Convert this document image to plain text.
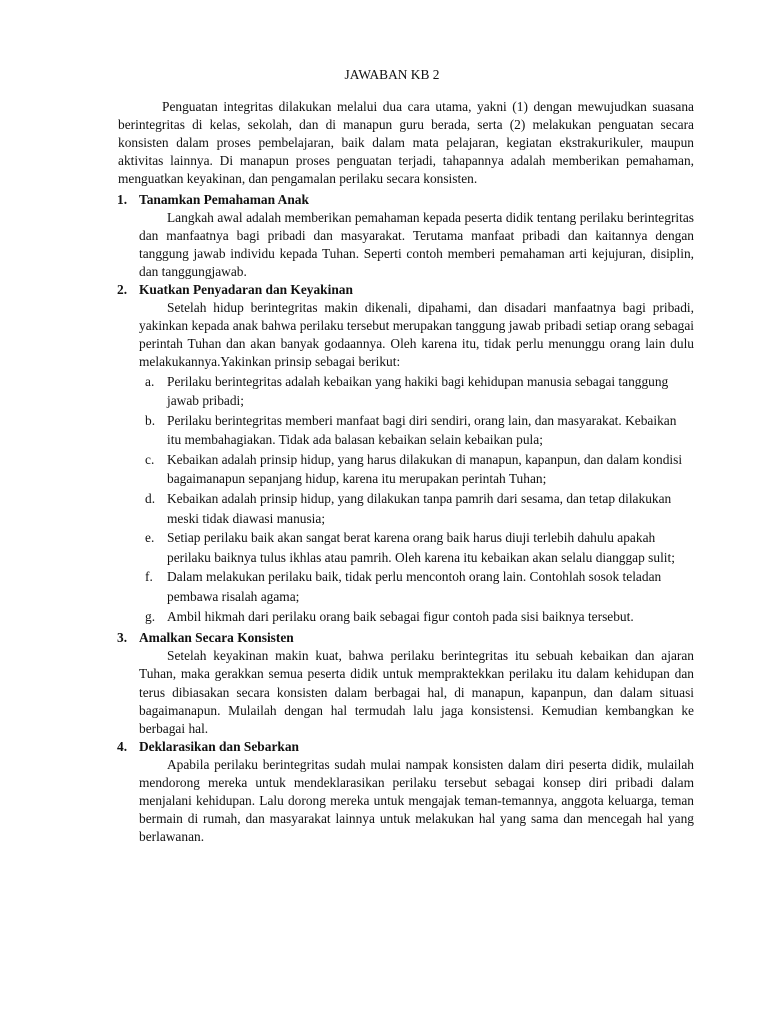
JAWABAN KB 2

Penguatan integritas dilakukan melalui dua cara utama, yakni (1) dengan mewujudkan suasana berintegritas di kelas, sekolah, dan di manapun guru berada, serta (2) melakukan penguatan secara konsisten dalam proses pembelajaran, baik dalam mata pelajaran, kegiatan ekstrakurikuler, maupun aktivitas lainnya. Di manapun proses penguatan terjadi, tahapannya adalah memberikan pemahaman, menguatkan keyakinan, dan pengamalan perilaku secara konsisten.

1. Tanamkan Pemahaman Anak

Langkah awal adalah memberikan pemahaman kepada peserta didik tentang perilaku berintegritas dan manfaatnya bagi pribadi dan masyarakat. Terutama manfaat pribadi dan kaitannya dengan tanggung jawab individu kepada Tuhan. Seperti contoh memberi pemahaman arti kejujuran, disiplin, dan tanggungjawab.

2. Kuatkan Penyadaran dan Keyakinan

Setelah hidup berintegritas makin dikenali, dipahami, dan disadari manfaatnya bagi pribadi, yakinkan kepada anak bahwa perilaku tersebut merupakan tanggung jawab pribadi setiap orang sebagai perintah Tuhan dan akan banyak godaannya. Oleh karena itu, tidak perlu menunggu orang lain dulu melakukannya.Yakinkan prinsip sebagai berikut:

a. Perilaku berintegritas adalah kebaikan yang hakiki bagi kehidupan manusia sebagai tanggung jawab pribadi;
b. Perilaku berintegritas memberi manfaat bagi diri sendiri, orang lain, dan masyarakat. Kebaikan itu membahagiakan. Tidak ada balasan kebaikan selain kebaikan pula;
c. Kebaikan adalah prinsip hidup, yang harus dilakukan di manapun, kapanpun, dan dalam kondisi bagaimanapun sepanjang hidup, karena itu merupakan perintah Tuhan;
d. Kebaikan adalah prinsip hidup, yang dilakukan tanpa pamrih dari sesama, dan tetap dilakukan meski tidak diawasi manusia;
e. Setiap perilaku baik akan sangat berat karena orang baik harus diuji terlebih dahulu apakah perilaku baiknya tulus ikhlas atau pamrih. Oleh karena itu kebaikan akan selalu dianggap sulit;
f.	Dalam melakukan perilaku baik, tidak perlu mencontoh orang lain. Contohlah sosok teladan pembawa risalah agama;
g. Ambil hikmah dari perilaku orang baik sebagai figur contoh pada sisi baiknya tersebut.
3. Amalkan Secara Konsisten

Setelah keyakinan makin kuat, bahwa perilaku berintegritas itu sebuah kebaikan dan ajaran Tuhan, maka gerakkan semua peserta didik untuk mempraktekkan perilaku itu dalam kehidupan dan terus dibiasakan secara konsisten dalam berbagai hal, di manapun, kapanpun, dan dalam situasi bagaimanapun. Mulailah dengan hal termudah lalu jaga konsistensi. Kemudian kembangkan ke berbagai hal.

4. Deklarasikan dan Sebarkan

Apabila perilaku berintegritas sudah mulai nampak konsisten dalam diri peserta didik, mulailah mendorong mereka untuk mendeklarasikan perilaku tersebut sebagai konsep diri pribadi dalam menjalani kehidupan. Lalu dorong mereka untuk mengajak teman-temannya, anggota keluarga, teman bermain di rumah, dan masyarakat lainnya untuk melakukan hal yang sama dan mencegah hal yang berlawanan.
